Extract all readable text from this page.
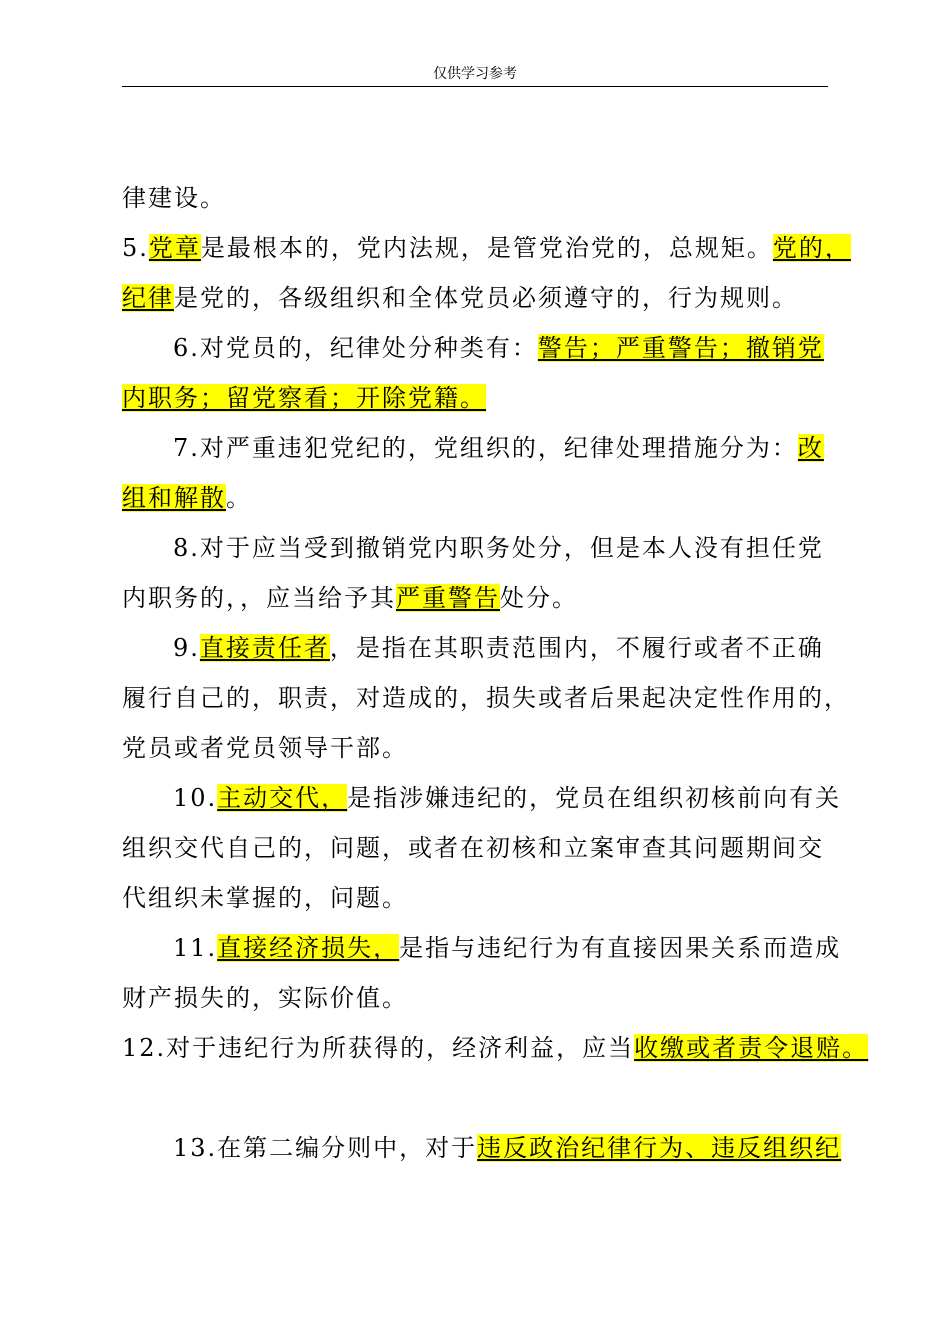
仅供学习参考
律建设。
5.党章是最根本的，党内法规，是管党治党的，总规矩。党的，
纪律是党的，各级组织和全体党员必须遵守的，行为规则。
6.对党员的，纪律处分种类有：警告；严重警告；撤销党
内职务；留党察看；开除党籍。
7.对严重违犯党纪的，党组织的，纪律处理措施分为：改
组和解散。
8.对于应当受到撤销党内职务处分，但是本人没有担任党
内职务的，，应当给予其严重警告处分。
9.直接责任者，是指在其职责范围内，不履行或者不正确
履行自己的，职责，对造成的，损失或者后果起决定性作用的，
党员或者党员领导干部。
10.主动交代，是指涉嫌违纪的，党员在组织初核前向有关
组织交代自己的，问题，或者在初核和立案审查其问题期间交
代组织未掌握的，问题。
11.直接经济损失，是指与违纪行为有直接因果关系而造成
财产损失的，实际价值。
12.对于违纪行为所获得的，经济利益，应当收缴或者责令退赔。
13.在第二编分则中，对于违反政治纪律行为、违反组织纪
